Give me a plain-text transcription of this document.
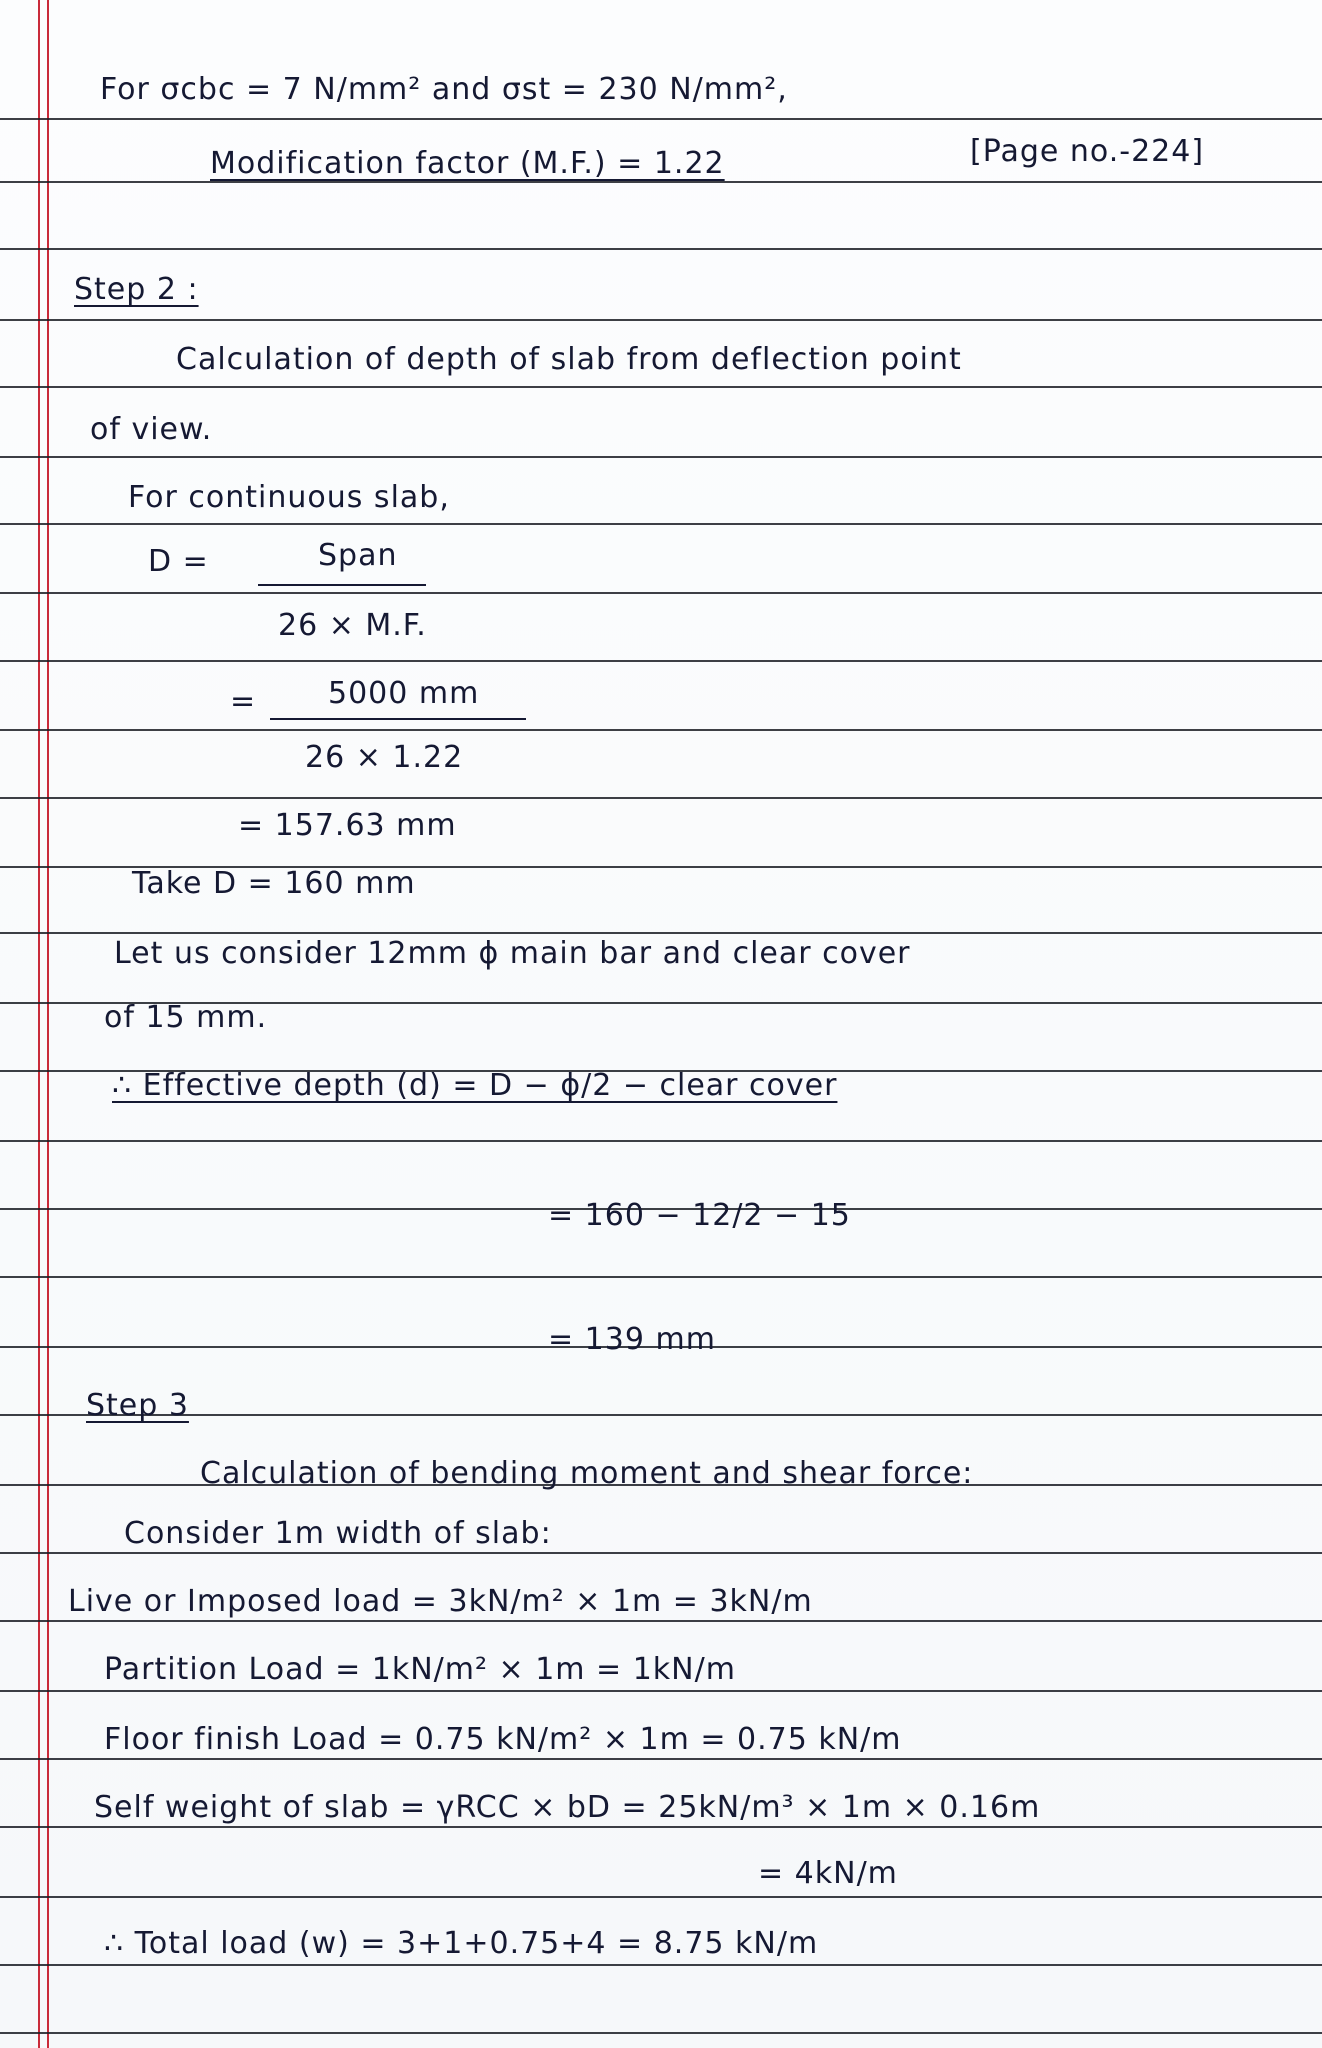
For σcbc = 7 N/mm² and σst = 230 N/mm²,
Modification factor (M.F.) = 1.22	[Page no.-224]
Step 2 :
Calculation of depth of slab from deflection point
of view.
For continuous slab,
D =	Span
26 × M.F.
= 5000 mm
26 × 1.22
= 157.63 mm
Take D = 160 mm
Let us consider 12mm ϕ main bar and clear cover
of 15 mm.
∴ Effective depth (d) = D − ϕ/2 − clear cover
= 160 − 12/2 − 15
= 139 mm
Step 3
Calculation of bending moment and shear force:
Consider 1m width of slab:
Live or Imposed load = 3kN/m² × 1m = 3kN/m
Partition Load = 1kN/m² × 1m = 1kN/m
Floor finish Load = 0.75 kN/m² × 1m = 0.75 kN/m
Self weight of slab = γRCC × bD = 25kN/m³ × 1m × 0.16m
= 4kN/m
∴ Total load (w) = 3+1+0.75+4 = 8.75 kN/m
